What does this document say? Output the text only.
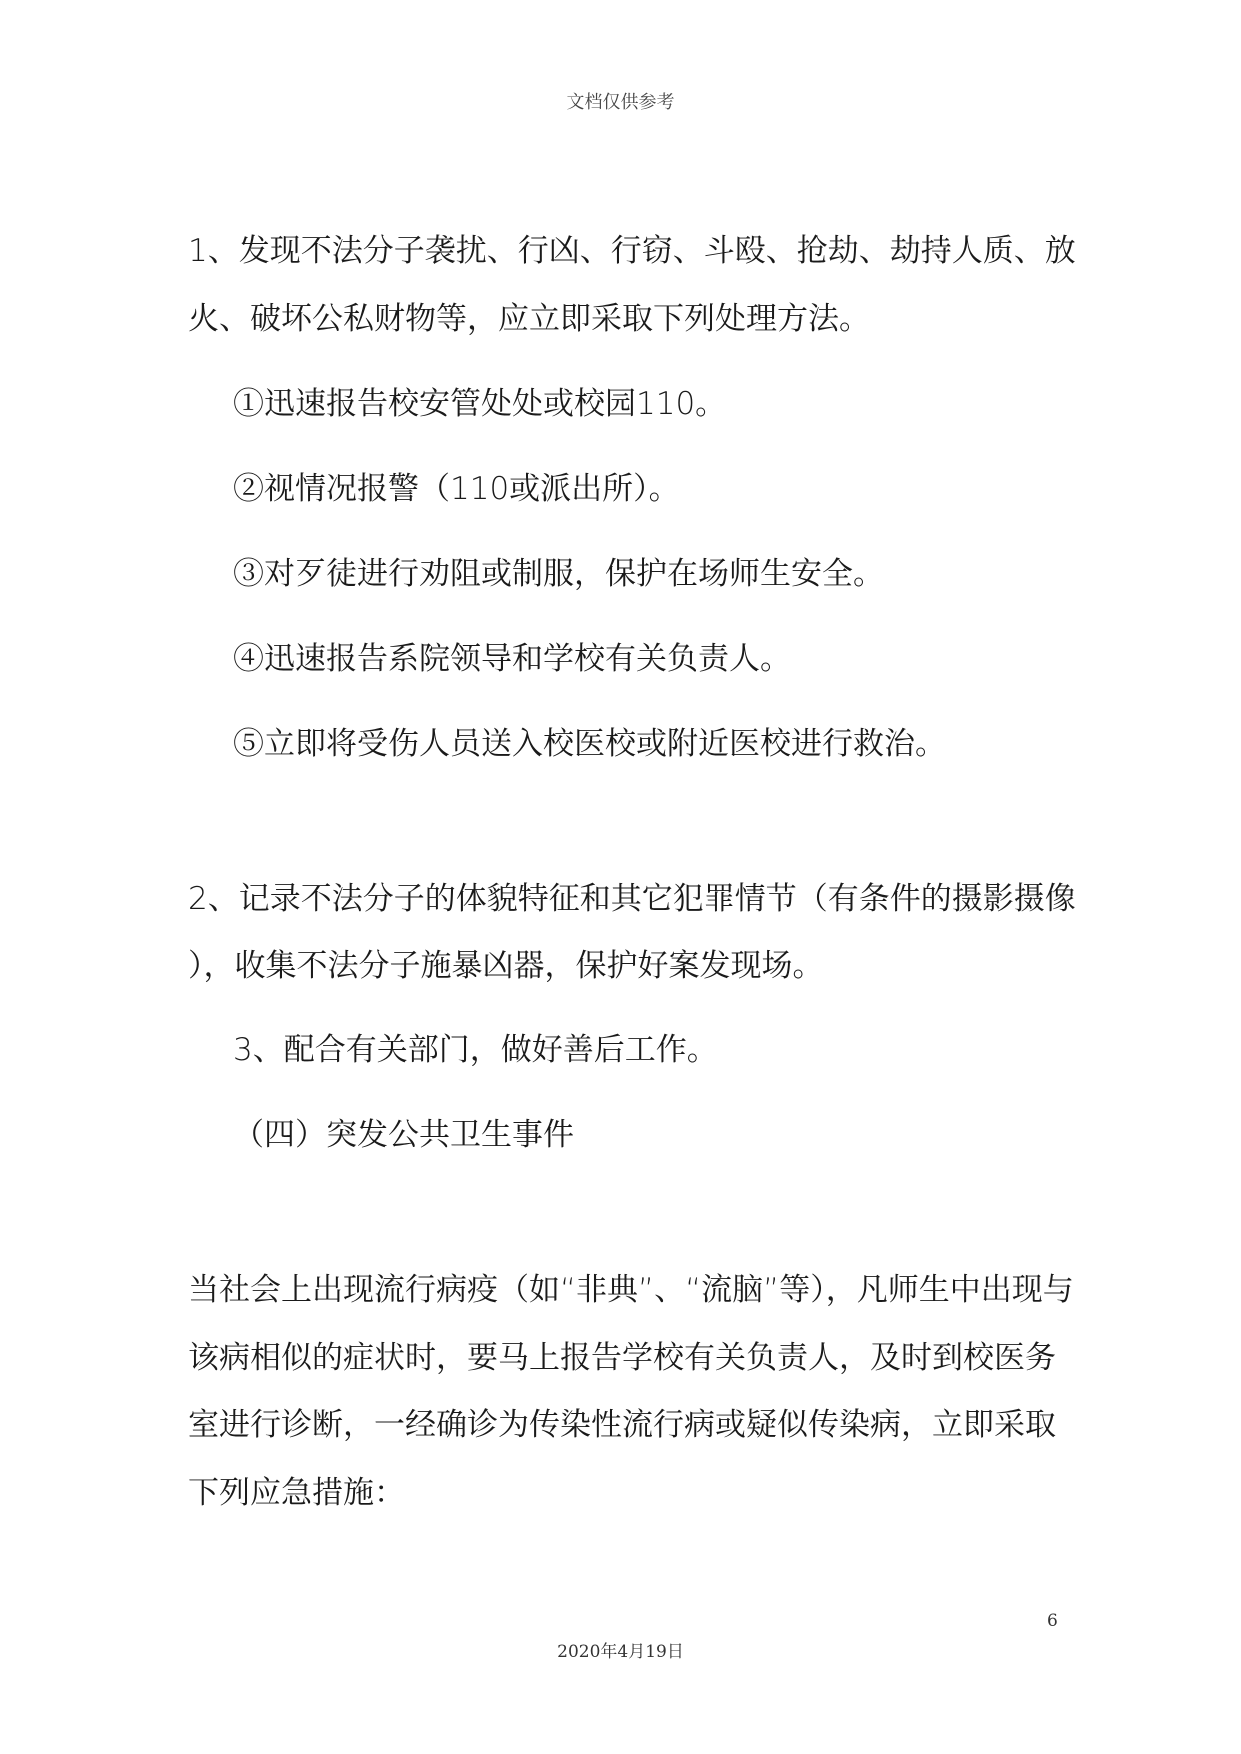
文档仅供参考
1、发现不法分子袭扰、行凶、行窃、斗殴、抢劫、劫持人质、放
火、破坏公私财物等，应立即采取下列处理方法。
①迅速报告校安管处处或校园110。
②视情况报警（110或派出所）。
③对歹徒进行劝阻或制服，保护在场师生安全。
④迅速报告系院领导和学校有关负责人。
⑤立即将受伤人员送入校医校或附近医校进行救治。
2、记录不法分子的体貌特征和其它犯罪情节（有条件的摄影摄像
），收集不法分子施暴凶器，保护好案发现场。
3、配合有关部门，做好善后工作。
（四）突发公共卫生事件
当社会上出现流行病疫（如“非典”、“流脑”等），凡师生中出现与
该病相似的症状时，要马上报告学校有关负责人，及时到校医务
室进行诊断，一经确诊为传染性流行病或疑似传染病，立即采取
下列应急措施：
6
2020年4月19日
